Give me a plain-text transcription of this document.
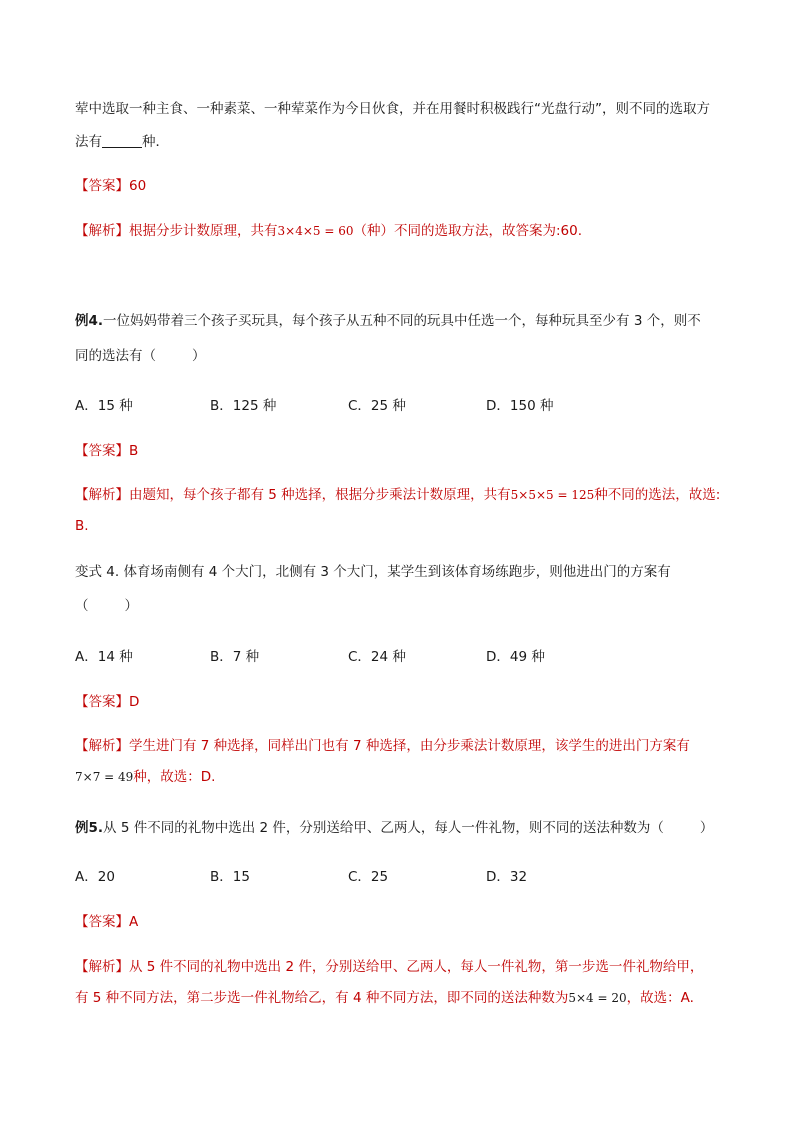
荤中选取一种主食、一种素菜、一种荤菜作为今日伙食，并在用餐时积极践行“光盘行动”，则不同的选取方
法有	种．
【答案】60
【解析】根据分步计数原理，共有3×4×5 = 60（种）不同的选取方法，故答案为:60.
例4.一位妈妈带着三个孩子买玩具，每个孩子从五种不同的玩具中任选一个，每种玩具至少有 3 个，则不
同的选法有（	）
A．15 种	B．125 种	C．25 种	D．150 种
【答案】B
【解析】由题知，每个孩子都有 5 种选择，根据分步乘法计数原理，共有5×5×5 = 125种不同的选法，故选:
B.
变式 4. 体育场南侧有 4 个大门，北侧有 3 个大门，某学生到该体育场练跑步，则他进出门的方案有
（	）
A．14 种	B．7 种	C．24 种	D．49 种
【答案】D
【解析】学生进门有 7 种选择，同样出门也有 7 种选择，由分步乘法计数原理，该学生的进出门方案有
7×7 = 49种，故选：D.
例5.从 5 件不同的礼物中选出 2 件，分别送给甲、乙两人，每人一件礼物，则不同的送法种数为（	）
A．20	B．15	C．25	D．32
【答案】A
【解析】从 5 件不同的礼物中选出 2 件，分别送给甲、乙两人，每人一件礼物，第一步选一件礼物给甲，
有 5 种不同方法，第二步选一件礼物给乙，有 4 种不同方法，即不同的送法种数为5×4 = 20，故选：A.
